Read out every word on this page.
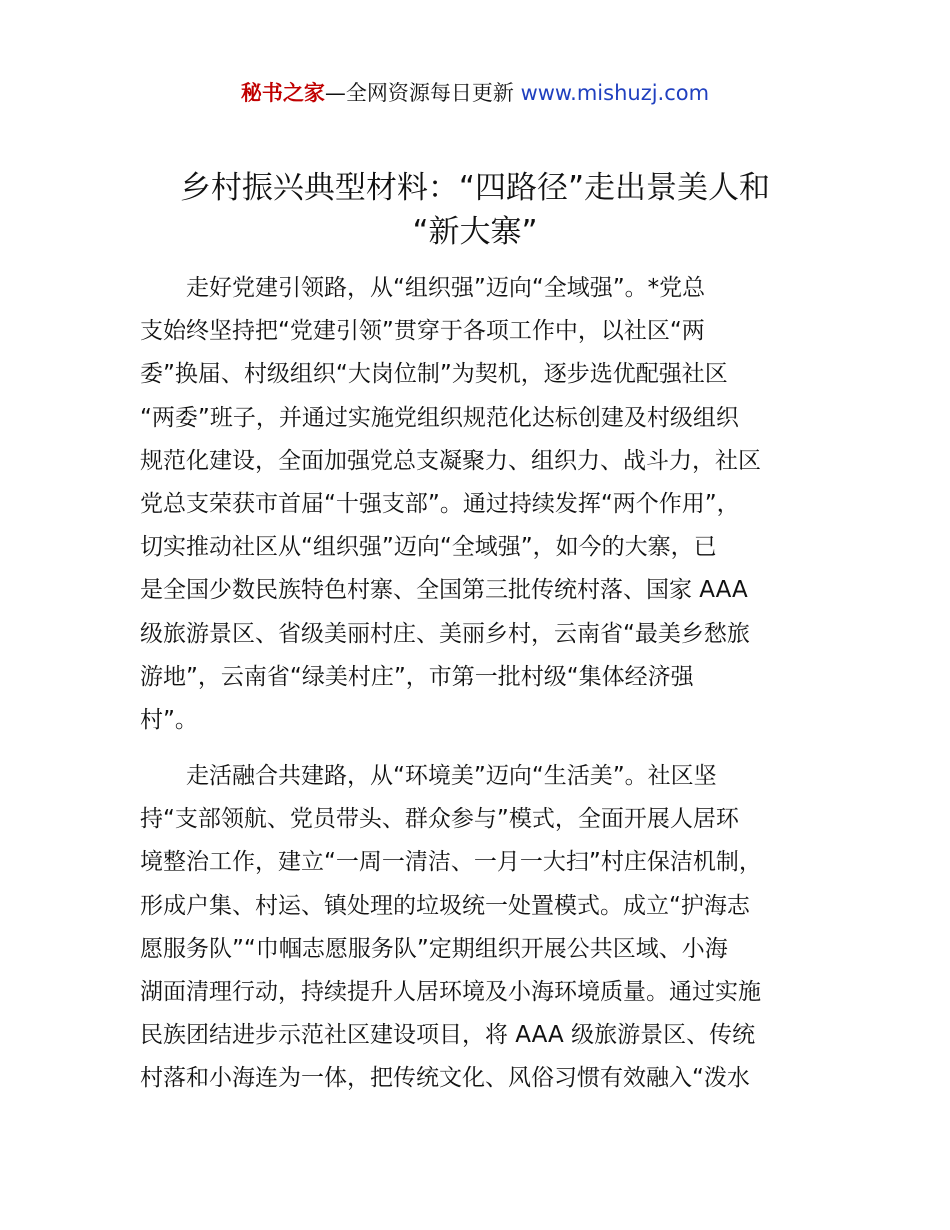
秘书之家—全网资源每日更新 www.mishuzj.com
乡村振兴典型材料：“四路径”走出景美人和
“新大寨”
　　走好党建引领路，从“组织强”迈向“全域强”。*党总
支始终坚持把“党建引领”贯穿于各项工作中，以社区“两
委”换届、村级组织“大岗位制”为契机，逐步选优配强社区
“两委”班子，并通过实施党组织规范化达标创建及村级组织
规范化建设，全面加强党总支凝聚力、组织力、战斗力，社区
党总支荣获市首届“十强支部”。通过持续发挥“两个作用”，
切实推动社区从“组织强”迈向“全域强”，如今的大寨，已
是全国少数民族特色村寨、全国第三批传统村落、国家 AAA
级旅游景区、省级美丽村庄、美丽乡村，云南省“最美乡愁旅
游地”，云南省“绿美村庄”，市第一批村级“集体经济强
村”。
　　走活融合共建路，从“环境美”迈向“生活美”。社区坚
持“支部领航、党员带头、群众参与”模式，全面开展人居环
境整治工作，建立“一周一清洁、一月一大扫”村庄保洁机制，
形成户集、村运、镇处理的垃圾统一处置模式。成立“护海志
愿服务队”“巾帼志愿服务队”定期组织开展公共区域、小海
湖面清理行动，持续提升人居环境及小海环境质量。通过实施
民族团结进步示范社区建设项目，将 AAA 级旅游景区、传统
村落和小海连为一体，把传统文化、风俗习惯有效融入“泼水
